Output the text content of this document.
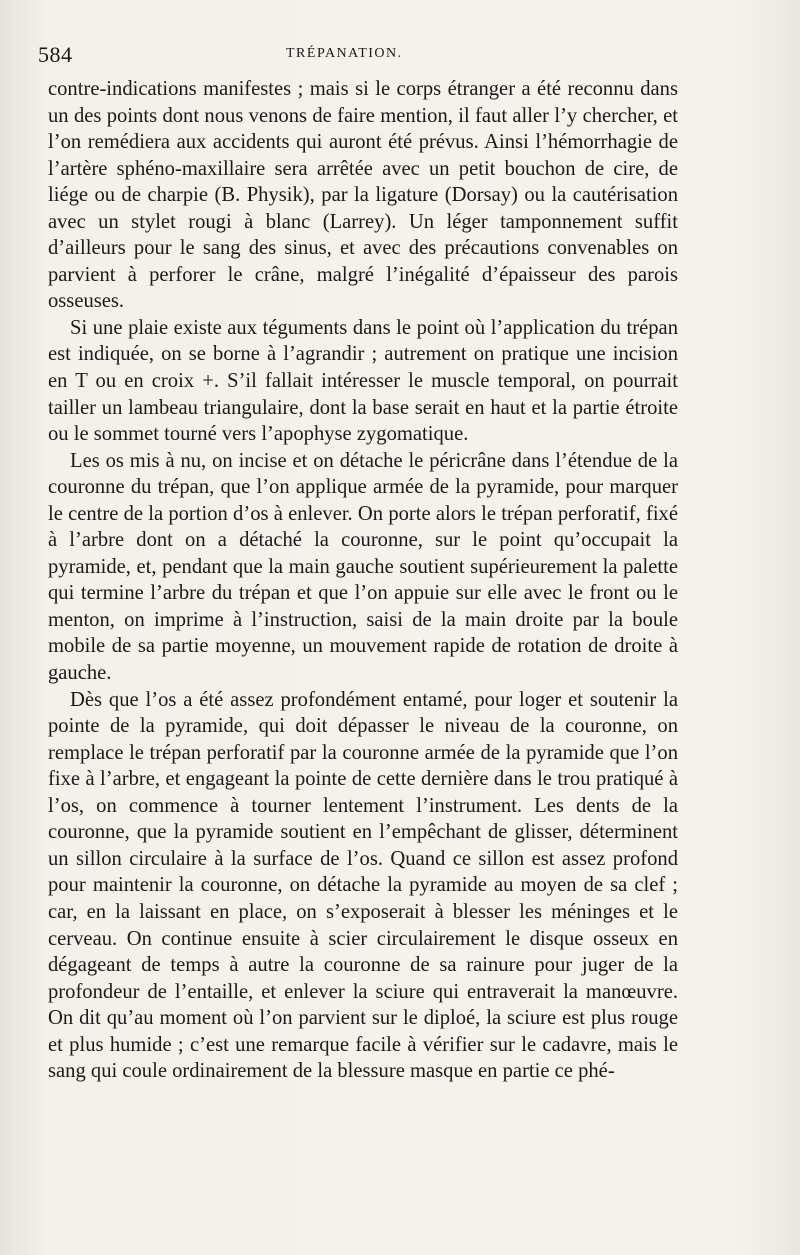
584	TRÉPANATION.

contre-indications manifestes ; mais si le corps étranger a été reconnu dans un des points dont nous venons de faire mention, il faut aller l’y chercher, et l’on remédiera aux accidents qui auront été prévus. Ainsi l’hémorrhagie de l’artère sphéno-maxillaire sera arrêtée avec un petit bouchon de cire, de liége ou de charpie (B. Physik), par la ligature (Dorsay) ou la cautérisation avec un stylet rougi à blanc (Larrey). Un léger tamponnement suffit d’ailleurs pour le sang des sinus, et avec des précautions convenables on parvient à perforer le crâne, malgré l’inégalité d’épaisseur des parois osseuses.

Si une plaie existe aux téguments dans le point où l’application du trépan est indiquée, on se borne à l’agrandir ; autrement on pratique une incision en T ou en croix +. S’il fallait intéresser le muscle temporal, on pourrait tailler un lambeau triangulaire, dont la base serait en haut et la partie étroite ou le sommet tourné vers l’apophyse zygomatique.

Les os mis à nu, on incise et on détache le péricrâne dans l’étendue de la couronne du trépan, que l’on applique armée de la pyramide, pour marquer le centre de la portion d’os à enlever. On porte alors le trépan perforatif, fixé à l’arbre dont on a détaché la couronne, sur le point qu’occupait la pyramide, et, pendant que la main gauche soutient supérieurement la palette qui termine l’arbre du trépan et que l’on appuie sur elle avec le front ou le menton, on imprime à l’instruction, saisi de la main droite par la boule mobile de sa partie moyenne, un mouvement rapide de rotation de droite à gauche.

Dès que l’os a été assez profondément entamé, pour loger et soutenir la pointe de la pyramide, qui doit dépasser le niveau de la couronne, on remplace le trépan perforatif par la couronne armée de la pyramide que l’on fixe à l’arbre, et engageant la pointe de cette dernière dans le trou pratiqué à l’os, on commence à tourner lentement l’instrument. Les dents de la couronne, que la pyramide soutient en l’empêchant de glisser, déterminent un sillon circulaire à la surface de l’os. Quand ce sillon est assez profond pour maintenir la couronne, on détache la pyramide au moyen de sa clef ; car, en la laissant en place, on s’exposerait à blesser les méninges et le cerveau. On continue ensuite à scier circulairement le disque osseux en dégageant de temps à autre la couronne de sa rainure pour juger de la profondeur de l’entaille, et enlever la sciure qui entraverait la manœuvre. On dit qu’au moment où l’on parvient sur le diploé, la sciure est plus rouge et plus humide ; c’est une remarque facile à vérifier sur le cadavre, mais le sang qui coule ordinairement de la blessure masque en partie ce phé-
